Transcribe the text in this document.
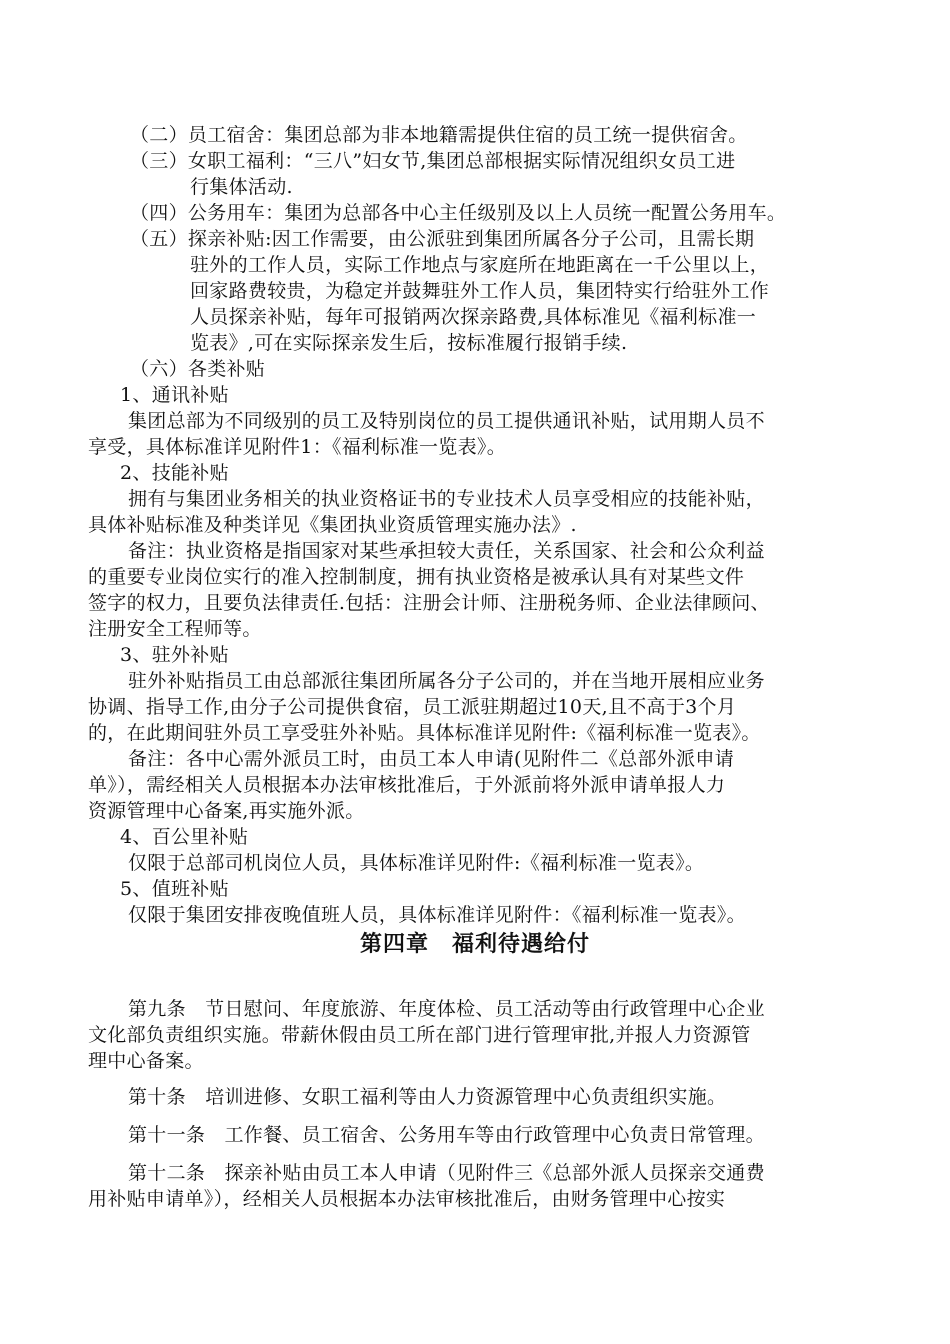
（二）员工宿舍：集团总部为非本地籍需提供住宿的员工统一提供宿舍。
（三）女职工福利：“三八”妇女节,集团总部根据实际情况组织女员工进
行集体活动.
（四）公务用车：集团为总部各中心主任级别及以上人员统一配置公务用车。
（五）探亲补贴:因工作需要，由公派驻到集团所属各分子公司，且需长期
驻外的工作人员，实际工作地点与家庭所在地距离在一千公里以上，
回家路费较贵，为稳定并鼓舞驻外工作人员，集团特实行给驻外工作
人员探亲补贴，每年可报销两次探亲路费,具体标准见《福利标准一
览表》,可在实际探亲发生后，按标准履行报销手续.
（六）各类补贴
1、通讯补贴
集团总部为不同级别的员工及特别岗位的员工提供通讯补贴，试用期人员不
享受，具体标准详见附件1：《福利标准一览表》。
2、技能补贴
拥有与集团业务相关的执业资格证书的专业技术人员享受相应的技能补贴，
具体补贴标准及种类详见《集团执业资质管理实施办法》.
备注：执业资格是指国家对某些承担较大责任，关系国家、社会和公众利益
的重要专业岗位实行的准入控制制度，拥有执业资格是被承认具有对某些文件
签字的权力，且要负法律责任.包括：注册会计师、注册税务师、企业法律顾问、
注册安全工程师等。
3、驻外补贴
驻外补贴指员工由总部派往集团所属各分子公司的，并在当地开展相应业务
协调、指导工作,由分子公司提供食宿，员工派驻期超过10天,且不高于3个月
的，在此期间驻外员工享受驻外补贴。具体标准详见附件:《福利标准一览表》。
备注：各中心需外派员工时，由员工本人申请(见附件二《总部外派申请
单》），需经相关人员根据本办法审核批准后，于外派前将外派申请单报人力
资源管理中心备案,再实施外派。
4、百公里补贴
仅限于总部司机岗位人员，具体标准详见附件:《福利标准一览表》。
5、值班补贴
仅限于集团安排夜晚值班人员，具体标准详见附件：《福利标准一览表》。
第四章　福利待遇给付
第九条　节日慰问、年度旅游、年度体检、员工活动等由行政管理中心企业
文化部负责组织实施。带薪休假由员工所在部门进行管理审批,并报人力资源管
理中心备案。
第十条　培训进修、女职工福利等由人力资源管理中心负责组织实施。
第十一条　工作餐、员工宿舍、公务用车等由行政管理中心负责日常管理。
第十二条　探亲补贴由员工本人申请（见附件三《总部外派人员探亲交通费
用补贴申请单》），经相关人员根据本办法审核批准后，由财务管理中心按实
